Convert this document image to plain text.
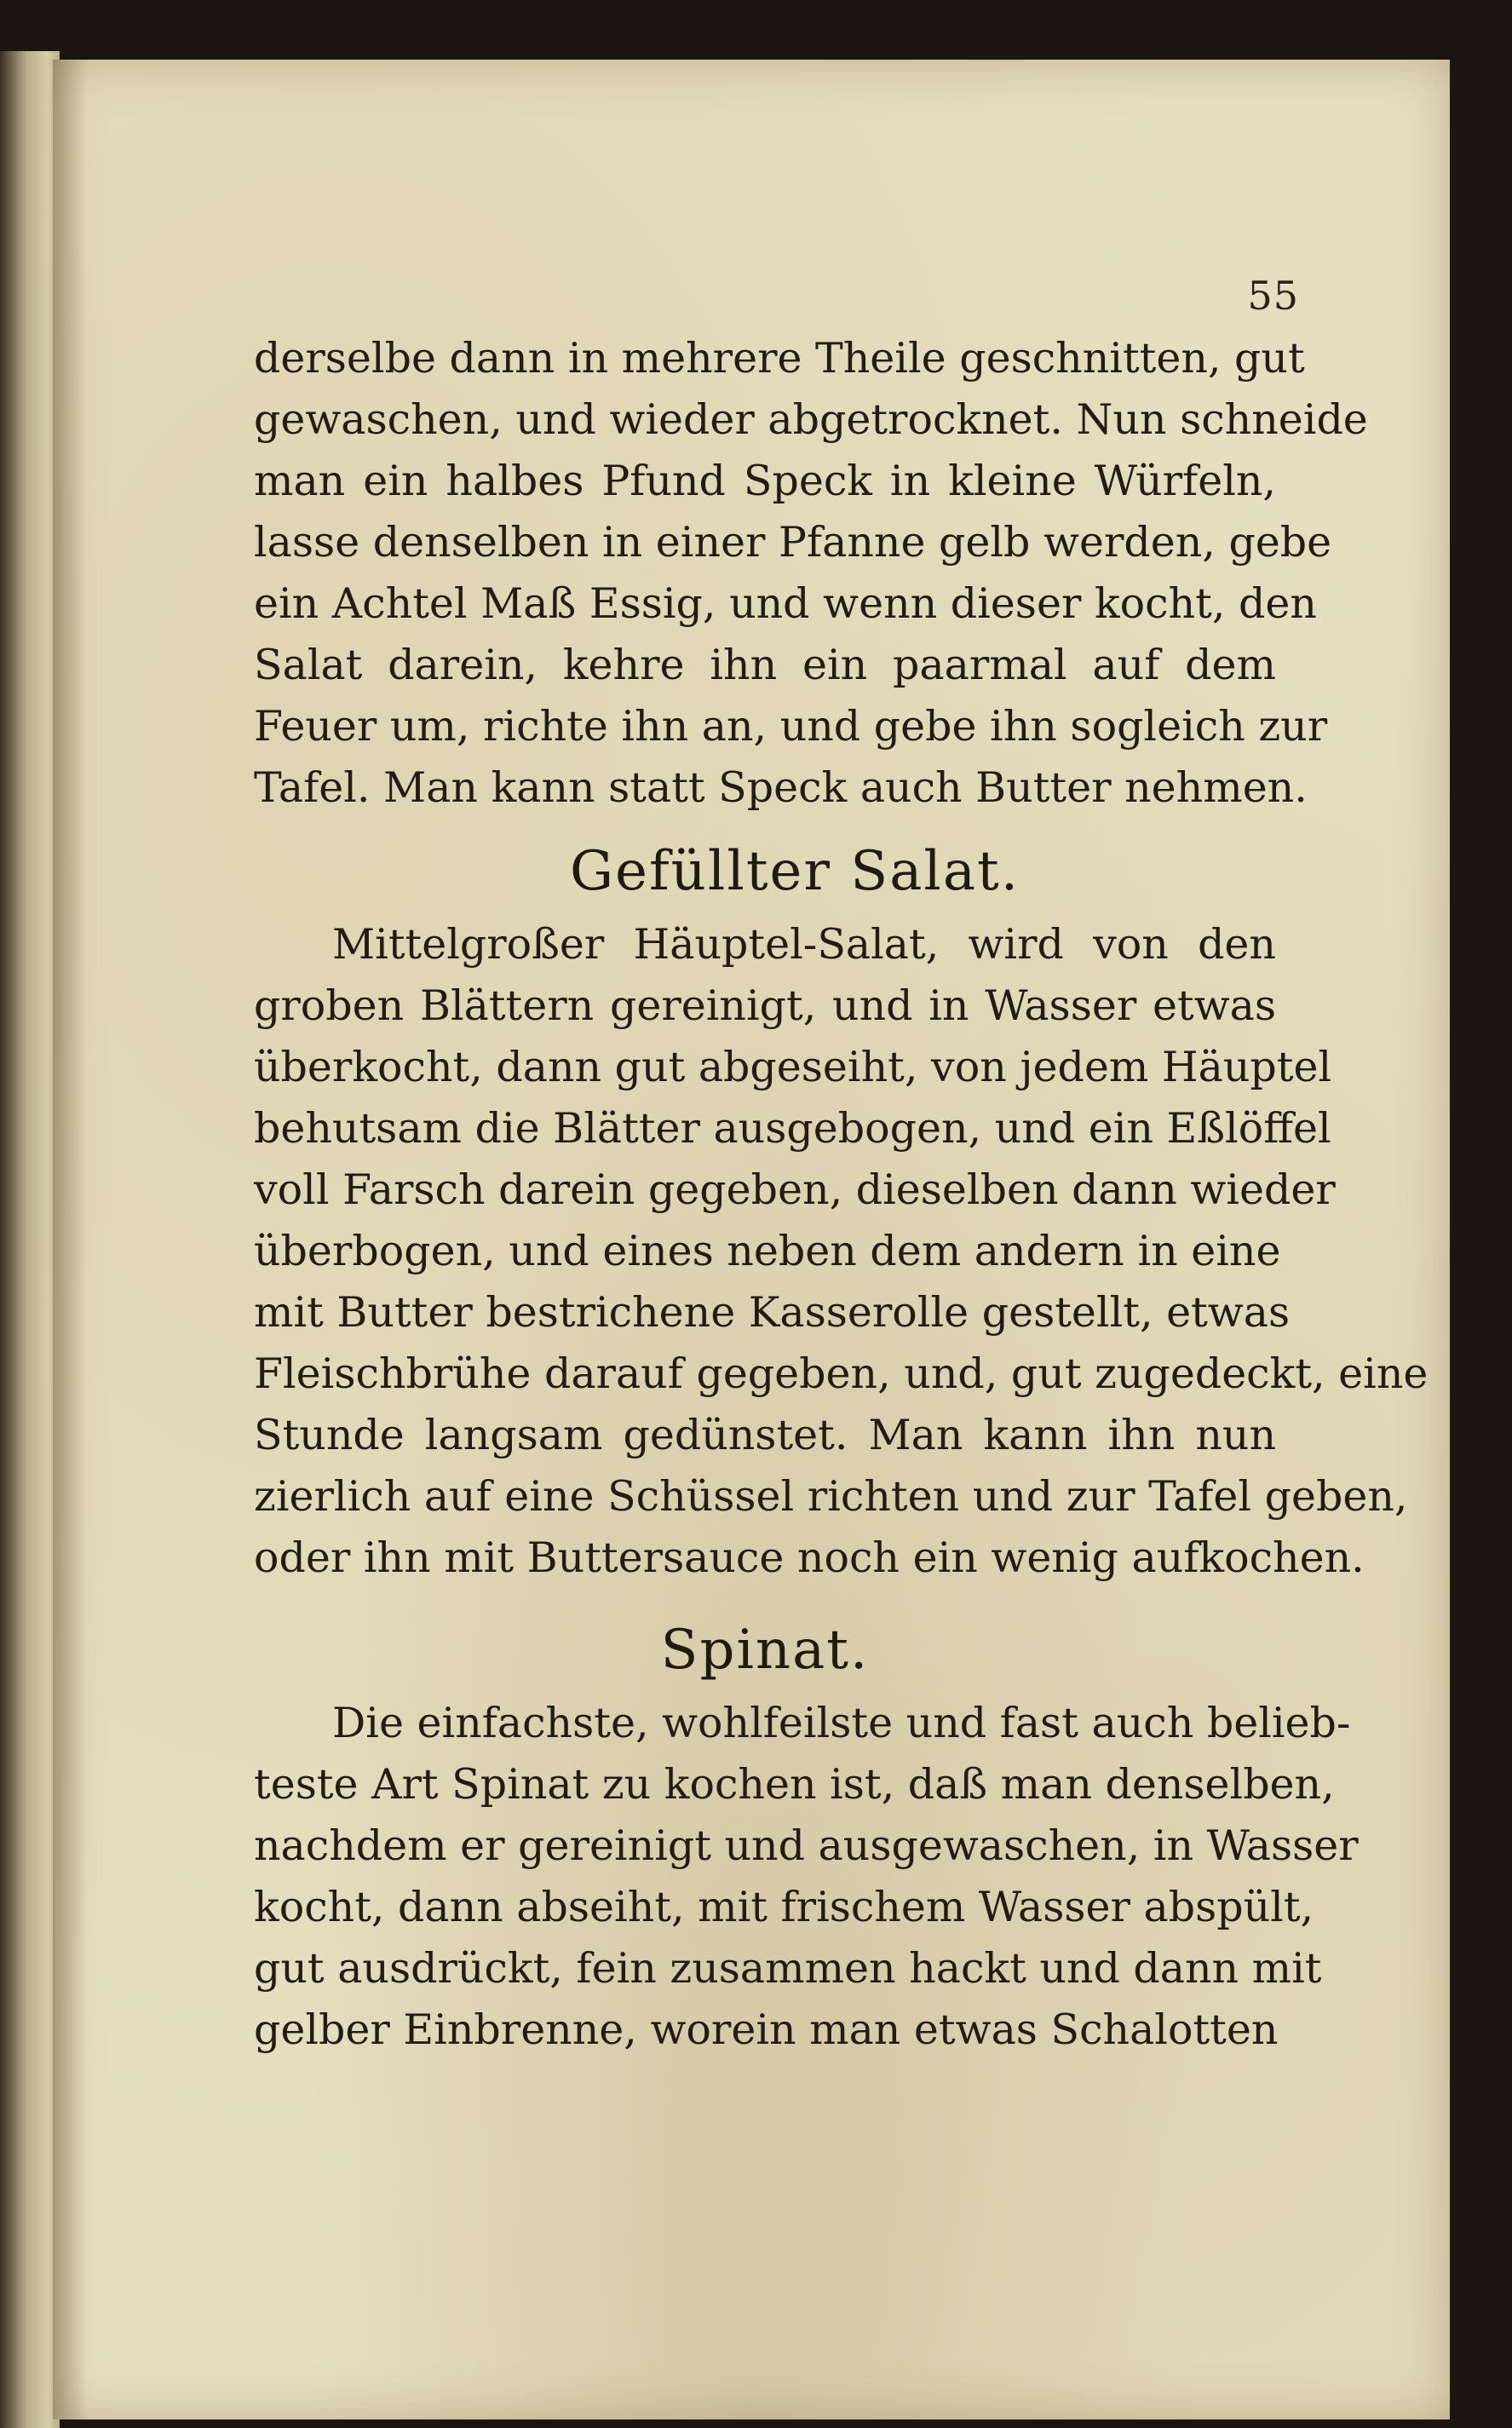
55
derselbe dann in mehrere Theile geschnitten, gut
gewaschen, und wieder abgetrocknet. Nun schneide
man ein halbes Pfund Speck in kleine Würfeln,
lasse denselben in einer Pfanne gelb werden, gebe
ein Achtel Maß Essig, und wenn dieser kocht, den
Salat darein, kehre ihn ein paarmal auf dem
Feuer um, richte ihn an, und gebe ihn sogleich zur
Tafel. Man kann statt Speck auch Butter nehmen.
Gefüllter Salat.
Mittelgroßer Häuptel-Salat, wird von den
groben Blättern gereinigt, und in Wasser etwas
überkocht, dann gut abgeseiht, von jedem Häuptel
behutsam die Blätter ausgebogen, und ein Eßlöffel
voll Farsch darein gegeben, dieselben dann wieder
überbogen, und eines neben dem andern in eine
mit Butter bestrichene Kasserolle gestellt, etwas
Fleischbrühe darauf gegeben, und, gut zugedeckt, eine
Stunde langsam gedünstet. Man kann ihn nun
zierlich auf eine Schüssel richten und zur Tafel geben,
oder ihn mit Buttersauce noch ein wenig aufkochen.
Spinat.
Die einfachste, wohlfeilste und fast auch belieb-
teste Art Spinat zu kochen ist, daß man denselben,
nachdem er gereinigt und ausgewaschen, in Wasser
kocht, dann abseiht, mit frischem Wasser abspült,
gut ausdrückt, fein zusammen hackt und dann mit
gelber Einbrenne, worein man etwas Schalotten
